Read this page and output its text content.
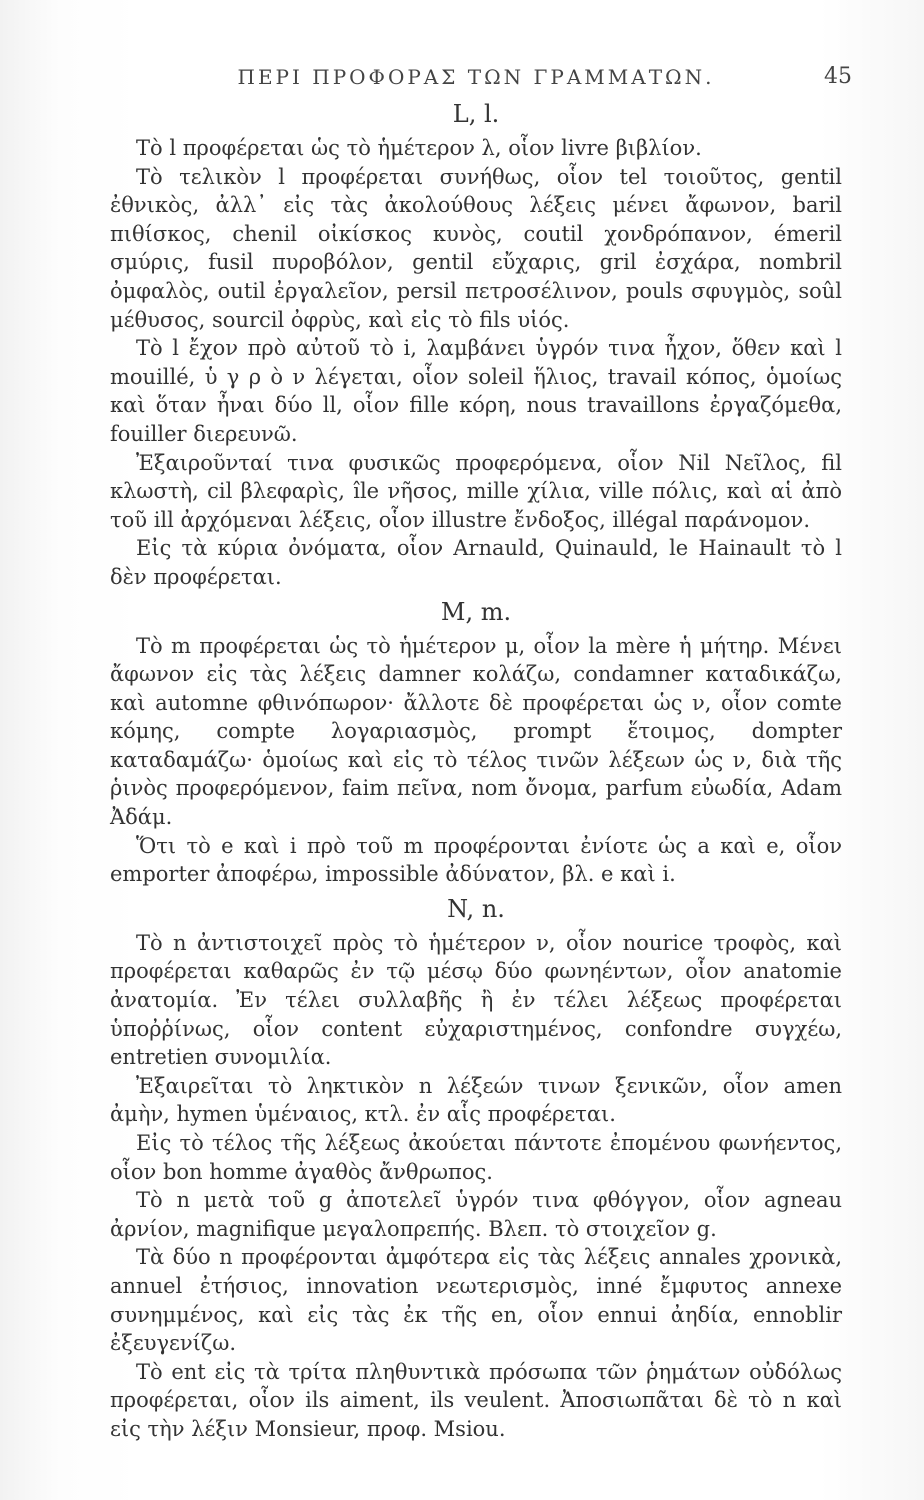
ΠΕΡΙ ΠΡΟΦΟΡΑΣ ΤΩΝ ΓΡΑΜΜΑΤΩΝ.	45
L, l.

Τὸ l προφέρεται ὡς τὸ ἡμέτερον λ, οἷον livre βιβλίον.

Τὸ τελικὸν l προφέρεται συνήθως, οἷον tel τοιοῦτος, gentil ἐθνικὸς, ἀλλ᾽ εἰς τὰς ἀκολούθους λέξεις μένει ἄφωνον, baril πιθίσκος, chenil οἰκίσκος κυνὸς, coutil χονδρόπανον, émeril σμύρις, fusil πυροβόλον, gentil εὔχαρις, gril ἐσχάρα, nombril ὀμφαλὸς, outil ἐργαλεῖον, persil πετροσέλινον, pouls σφυγμὸς, soûl μέθυσος, sourcil ὀφρὺς, καὶ εἰς τὸ fils υἱός.

Τὸ l ἔχον πρὸ αὐτοῦ τὸ i, λαμβάνει ὑγρόν τινα ἦχον, ὅθεν καὶ l mouillé, ὑ γ ρ ὸ ν λέγεται, οἷον soleil ἥλιος, travail κόπος, ὁμοίως καὶ ὅταν ἦναι δύο ll, οἷον fille κόρη, nous travaillons ἐργαζόμεθα, fouiller διερευνῶ.

Ἐξαιροῦνταί τινα φυσικῶς προφερόμενα, οἷον Nil Νεῖλος, fil κλωστὴ, cil βλεφαρὶς, île νῆσος, mille χίλια, ville πόλις, καὶ αἱ ἀπὸ τοῦ ill ἀρχόμεναι λέξεις, οἷον illustre ἔνδοξος, illégal παράνομον.

Εἰς τὰ κύρια ὀνόματα, οἷον Arnauld, Quinauld, le Hainault τὸ l δὲν προφέρεται.

M, m.

Τὸ m προφέρεται ὡς τὸ ἡμέτερον μ, οἷον la mère ἡ μήτηρ. Μένει ἄφωνον εἰς τὰς λέξεις damner κολάζω, condamner καταδικάζω, καὶ automne φθινόπωρον· ἄλλοτε δὲ προφέρεται ὡς ν, οἷον comte κόμης, compte λογαριασμὸς, prompt ἕτοιμος, dompter καταδαμάζω· ὁμοίως καὶ εἰς τὸ τέλος τινῶν λέξεων ὡς ν, διὰ τῆς ῥινὸς προφερόμενον, faim πεῖνα, nom ὄνομα, parfum εὐωδία, Adam Ἀδάμ.

Ὅτι τὸ e καὶ i πρὸ τοῦ m προφέρονται ἐνίοτε ὡς a καὶ e, οἷον emporter ἀποφέρω, impossible ἀδύνατον, βλ. e καὶ i.

N, n.

Τὸ n ἀντιστοιχεῖ πρὸς τὸ ἡμέτερον ν, οἷον nourice τροφὸς, καὶ προφέρεται καθαρῶς ἐν τῷ μέσῳ δύο φωνηέντων, οἷον anatomie ἀνατομία. Ἐν τέλει συλλαβῆς ἢ ἐν τέλει λέξεως προφέρεται ὑποῤῥίνως, οἷον content εὐχαριστημένος, confondre συγχέω, entretien συνομιλία.

Ἐξαιρεῖται τὸ ληκτικὸν n λέξεών τινων ξενικῶν, οἷον amen ἀμὴν, hymen ὑμέναιος, κτλ. ἐν αἷς προφέρεται.

Εἰς τὸ τέλος τῆς λέξεως ἀκούεται πάντοτε ἐπομένου φωνήεντος, οἷον bon homme ἀγαθὸς ἄνθρωπος.

Τὸ n μετὰ τοῦ g ἀποτελεῖ ὑγρόν τινα φθόγγον, οἷον agneau ἀρνίον, magnifique μεγαλοπρεπής. Βλεπ. τὸ στοιχεῖον g.

Τὰ δύο n προφέρονται ἀμφότερα εἰς τὰς λέξεις annales χρονικὰ, annuel ἐτήσιος, innovation νεωτερισμὸς, inné ἔμφυτος annexe συνημμένος, καὶ εἰς τὰς ἐκ τῆς en, οἷον ennui ἀηδία, ennoblir ἐξευγενίζω.

Τὸ ent εἰς τὰ τρίτα πληθυντικὰ πρόσωπα τῶν ῥημάτων οὐδόλως προφέρεται, οἷον ils aiment, ils veulent. Ἀποσιωπᾶται δὲ τὸ n καὶ εἰς τὴν λέξιν Monsieur, προφ. Msiou.
